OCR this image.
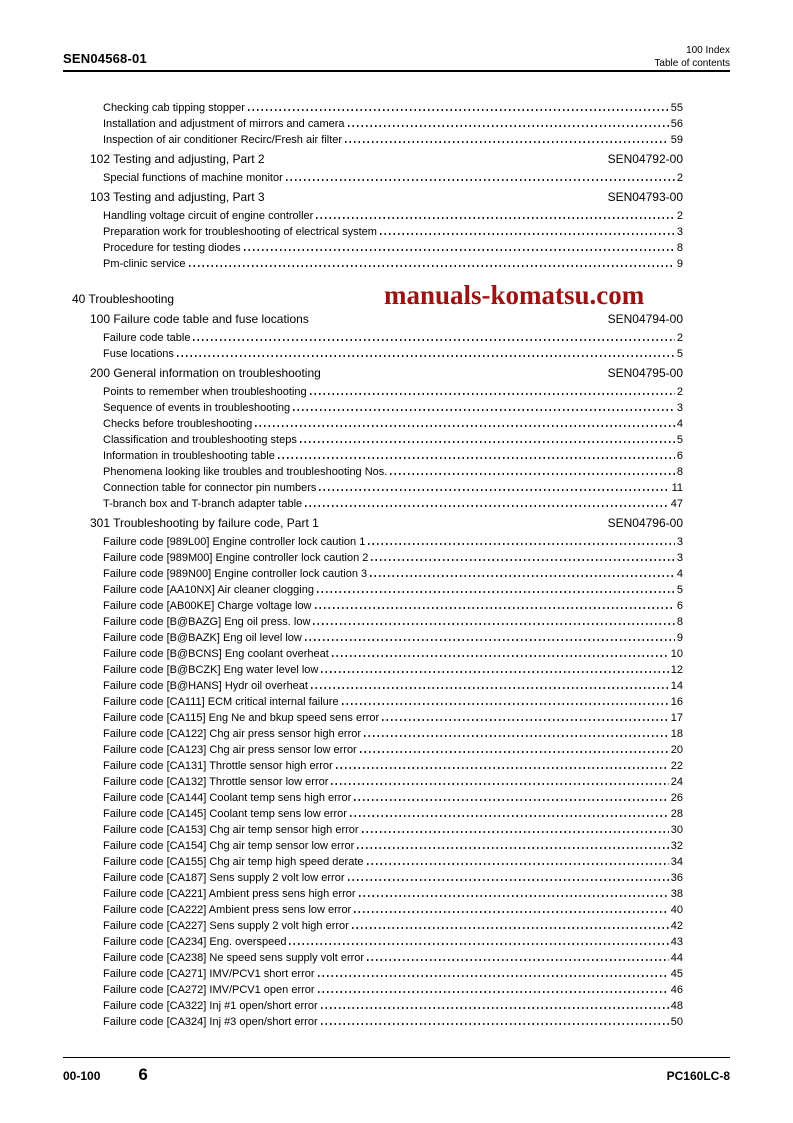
SEN04568-01
100 Index
Table of contents
Checking cab tipping stopper	55
Installation and adjustment of mirrors and camera	56
Inspection of air conditioner Recirc/Fresh air filter	59
102 Testing and adjusting, Part 2	SEN04792-00
Special functions of machine monitor	2
103 Testing and adjusting, Part 3	SEN04793-00
Handling voltage circuit of engine controller	2
Preparation work for troubleshooting of electrical system	3
Procedure for testing diodes	8
Pm-clinic service	9
40 Troubleshooting
100 Failure code table and fuse locations	SEN04794-00
Failure code table	2
Fuse locations	5
200 General information on troubleshooting	SEN04795-00
Points to remember when troubleshooting	2
Sequence of events in troubleshooting	3
Checks before troubleshooting	4
Classification and troubleshooting steps	5
Information in troubleshooting table	6
Phenomena looking like troubles and troubleshooting Nos.	8
Connection table for connector pin numbers	11
T-branch box and T-branch adapter table	47
301 Troubleshooting by failure code, Part 1	SEN04796-00
Failure code [989L00] Engine controller lock caution 1	3
Failure code [989M00] Engine controller lock caution 2	3
Failure code [989N00] Engine controller lock caution 3	4
Failure code [AA10NX] Air cleaner clogging	5
Failure code [AB00KE] Charge voltage low	6
Failure code [B@BAZG] Eng oil press. low	8
Failure code [B@BAZK] Eng oil level low	9
Failure code [B@BCNS] Eng coolant overheat	10
Failure code [B@BCZK] Eng water level low	12
Failure code [B@HANS] Hydr oil overheat	14
Failure code [CA111] ECM critical internal failure	16
Failure code [CA115] Eng Ne and bkup speed sens error	17
Failure code [CA122] Chg air press sensor high error	18
Failure code [CA123] Chg air press sensor low error	20
Failure code [CA131] Throttle sensor high error	22
Failure code [CA132] Throttle sensor low error	24
Failure code [CA144] Coolant temp sens high error	26
Failure code [CA145] Coolant temp sens low error	28
Failure code [CA153] Chg air temp sensor high error	30
Failure code [CA154] Chg air temp sensor low error	32
Failure code [CA155] Chg air temp high speed derate	34
Failure code [CA187] Sens supply 2 volt low error	36
Failure code [CA221] Ambient press sens high error	38
Failure code [CA222] Ambient press sens low error	40
Failure code [CA227] Sens supply 2 volt high error	42
Failure code [CA234] Eng. overspeed	43
Failure code [CA238] Ne speed sens supply volt error	44
Failure code [CA271] IMV/PCV1 short error	45
Failure code [CA272] IMV/PCV1 open error	46
Failure code [CA322] Inj #1 open/short error	48
Failure code [CA324] Inj #3 open/short error	50
manuals-komatsu.com
00-100 6	PC160LC-8
